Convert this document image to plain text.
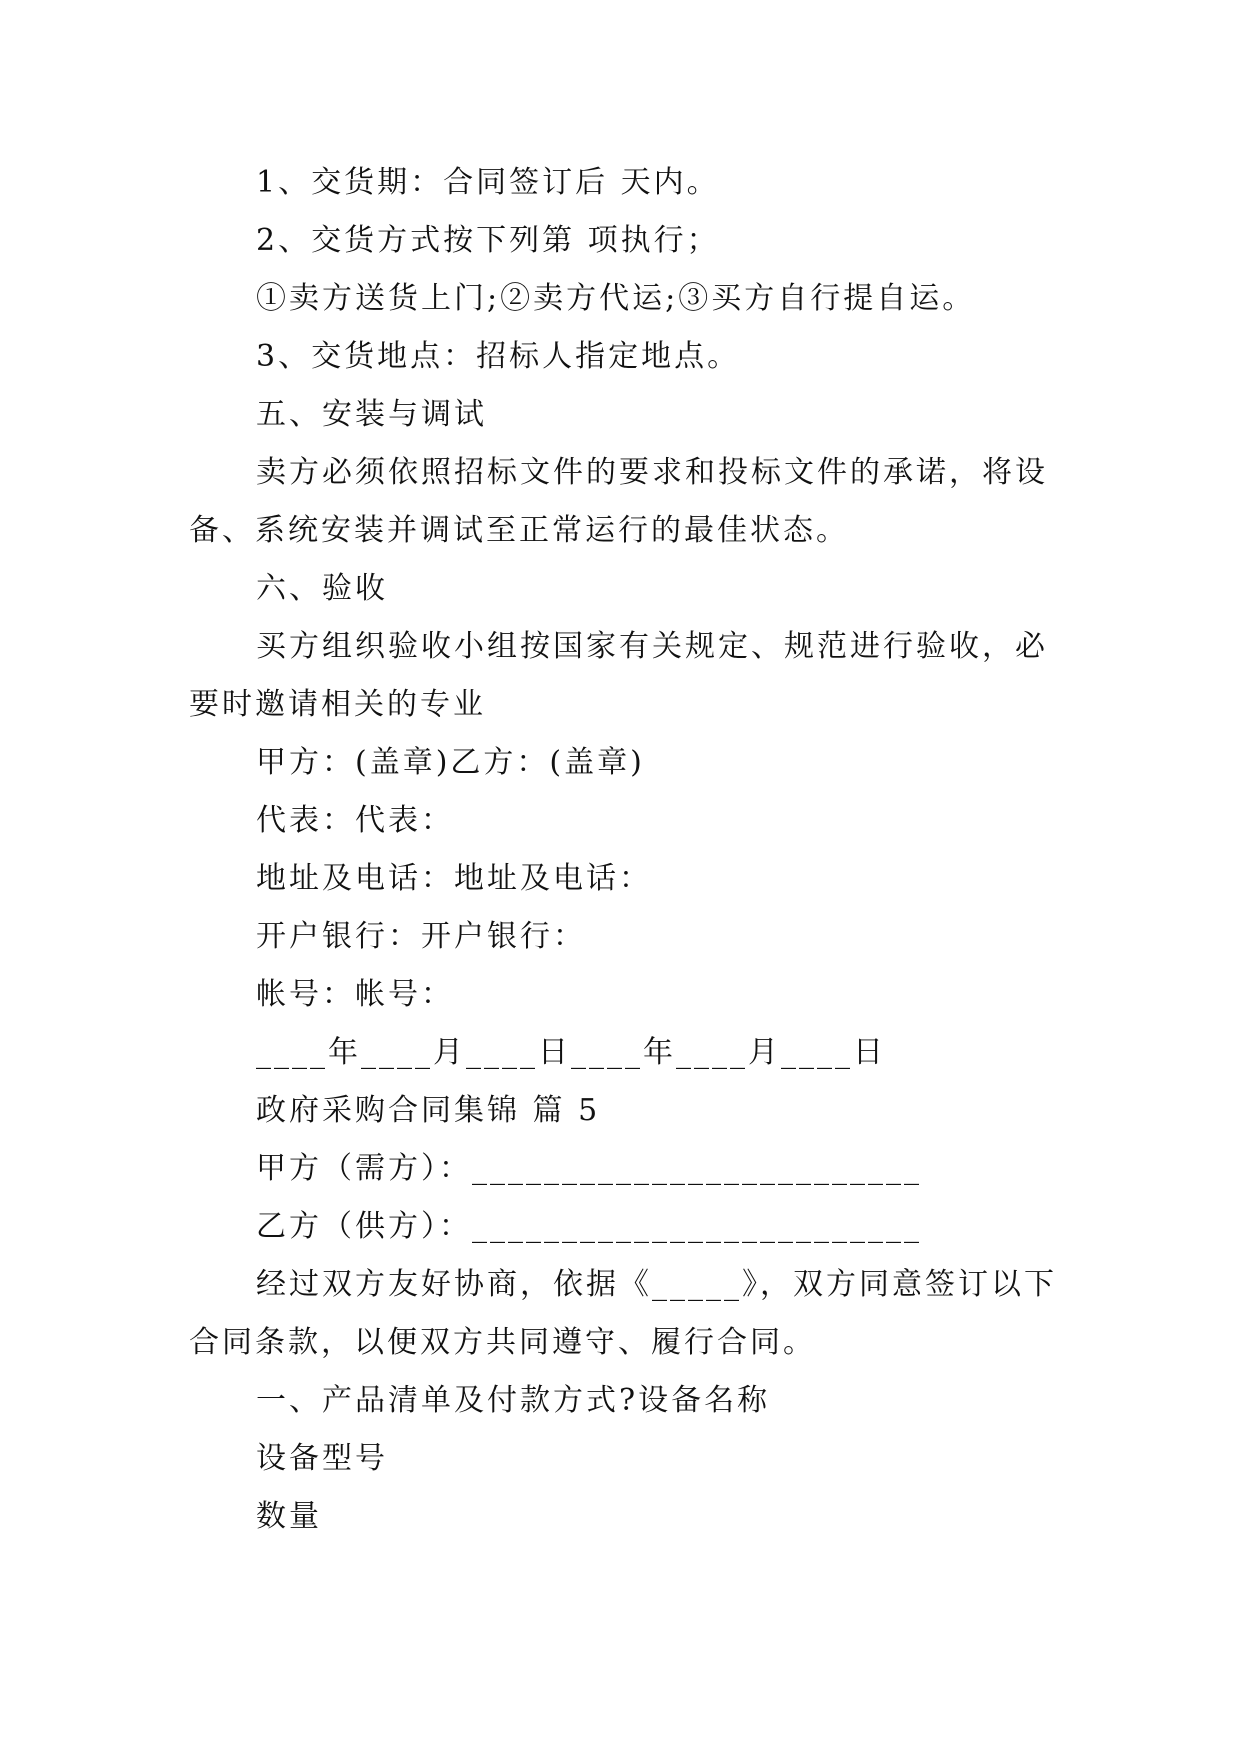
1、交货期：合同签订后 天内。

2、交货方式按下列第 项执行；

①卖方送货上门;②卖方代运;③买方自行提自运。

3、交货地点：招标人指定地点。

五、安装与调试

卖方必须依照招标文件的要求和投标文件的承诺，将设

备、系统安装并调试至正常运行的最佳状态。

六、验收

买方组织验收小组按国家有关规定、规范进行验收，必

要时邀请相关的专业

甲方：(盖章)乙方：(盖章)

代表：代表：

地址及电话：地址及电话：

开户银行：开户银行：

帐号：帐号：

____年____月____日____年____月____日

政府采购合同集锦 篇 5

甲方（需方）：_________________________

乙方（供方）：_________________________

经过双方友好协商，依据《_____》，双方同意签订以下

合同条款，以便双方共同遵守、履行合同。

一、产品清单及付款方式?设备名称

设备型号

数量
